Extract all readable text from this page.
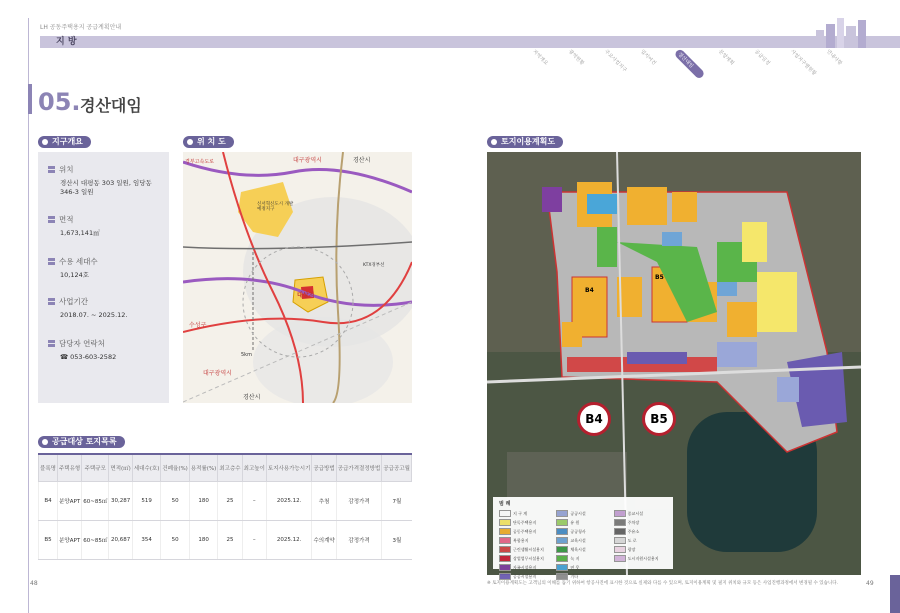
LH 공동주택용지 공급계획안내
지 방
지역개요	광역현황	주요사업지구 입지여건	경산대임	분양계획	공급일정	사업지구별현황 안내사항
05. 경산대임
지구개요
위치
경산시 대평동 303 일원, 임당동 346-3 일원
면적
1,673,141㎡
수용 세대수
10,124호
사업기간
2018.07. ~ 2025.12.
담당자 연락처
☎ 053-603-2582
위 치 도
대구광역시	경산시
신서혁신도시 개발예정지구
경부고속도로
KTX경부선
대상지
수성구
5km
대구광역시
경산시
토지이용계획도
B4
B5
B4	B5
범 례
지 구 계	공공시설	종교시설
단독주택용지	유 원	주차장
공동주택용지	공공청사	주유소
복합용지	교육시설	도 로
근린생활시설용지	체육시설	광장
상업업무시설용지	녹 지	도시지원시설용지
자족시설용지	연 못
공공시설용지	기타
※ 토지이용계획도는 고객님의 이해를 돕기 위하여 항공사진에 표시한 것으로 실제와 다를 수 있으며, 토지이용계획 및 필지 위치와 규모 등은 사업진행과정에서 변경될 수 있습니다.
공급대상 토지목록
블록명	주택유형	주택규모	면적(㎡)	세대수(호)	건폐율(%)	용적률(%)	최고층수	최고높이	토지사용가능시기	공급방법	공급가격결정방법	공급공고월
B4	분양APT	60~85㎡	30,287	519	50	180	25	–	2025.12.	추첨	감정가격	7월
B5	분양APT	60~85㎡	20,687	354	50	180	25	–	2025.12.	수의계약	감정가격	3월
48	49
